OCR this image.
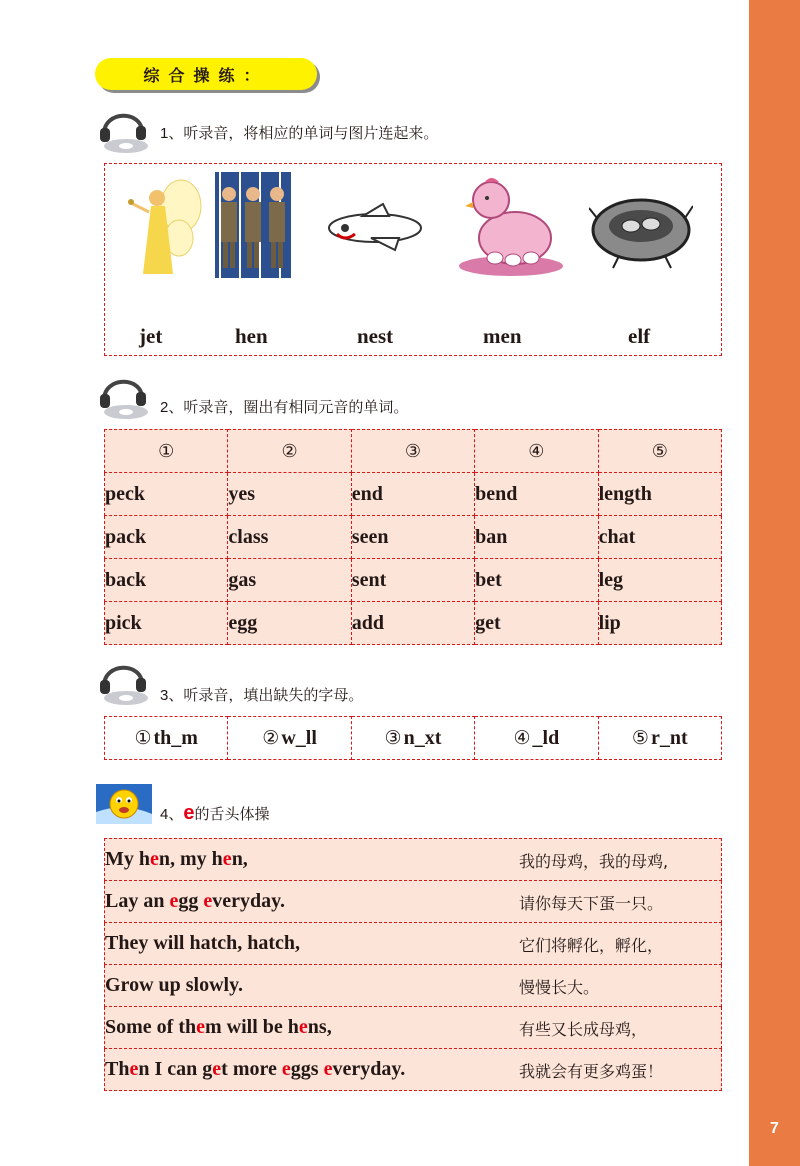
7
综合操练：
1、听录音，将相应的单词与图片连起来。
jet	hen	nest	men	elf
2、听录音，圈出有相同元音的单词。
①	②	③	④	⑤
peck	yes	end	bend	length
pack	class	seen	ban	chat
back	gas	sent	bet	leg
pick	egg	add	get	lip
3、听录音，填出缺失的字母。
① th_m	② w_ll	③ n_xt	④ _ld	⑤ r_nt
4、e的舌头体操
My hen, my hen,	我的母鸡，我的母鸡,

Lay an egg everyday.	请你每天下蛋一只。

They will hatch, hatch,	它们将孵化，孵化，

Grow up slowly.	慢慢长大。

Some of them will be hens,	有些又长成母鸡，

Then I can get more eggs everyday.	我就会有更多鸡蛋！
